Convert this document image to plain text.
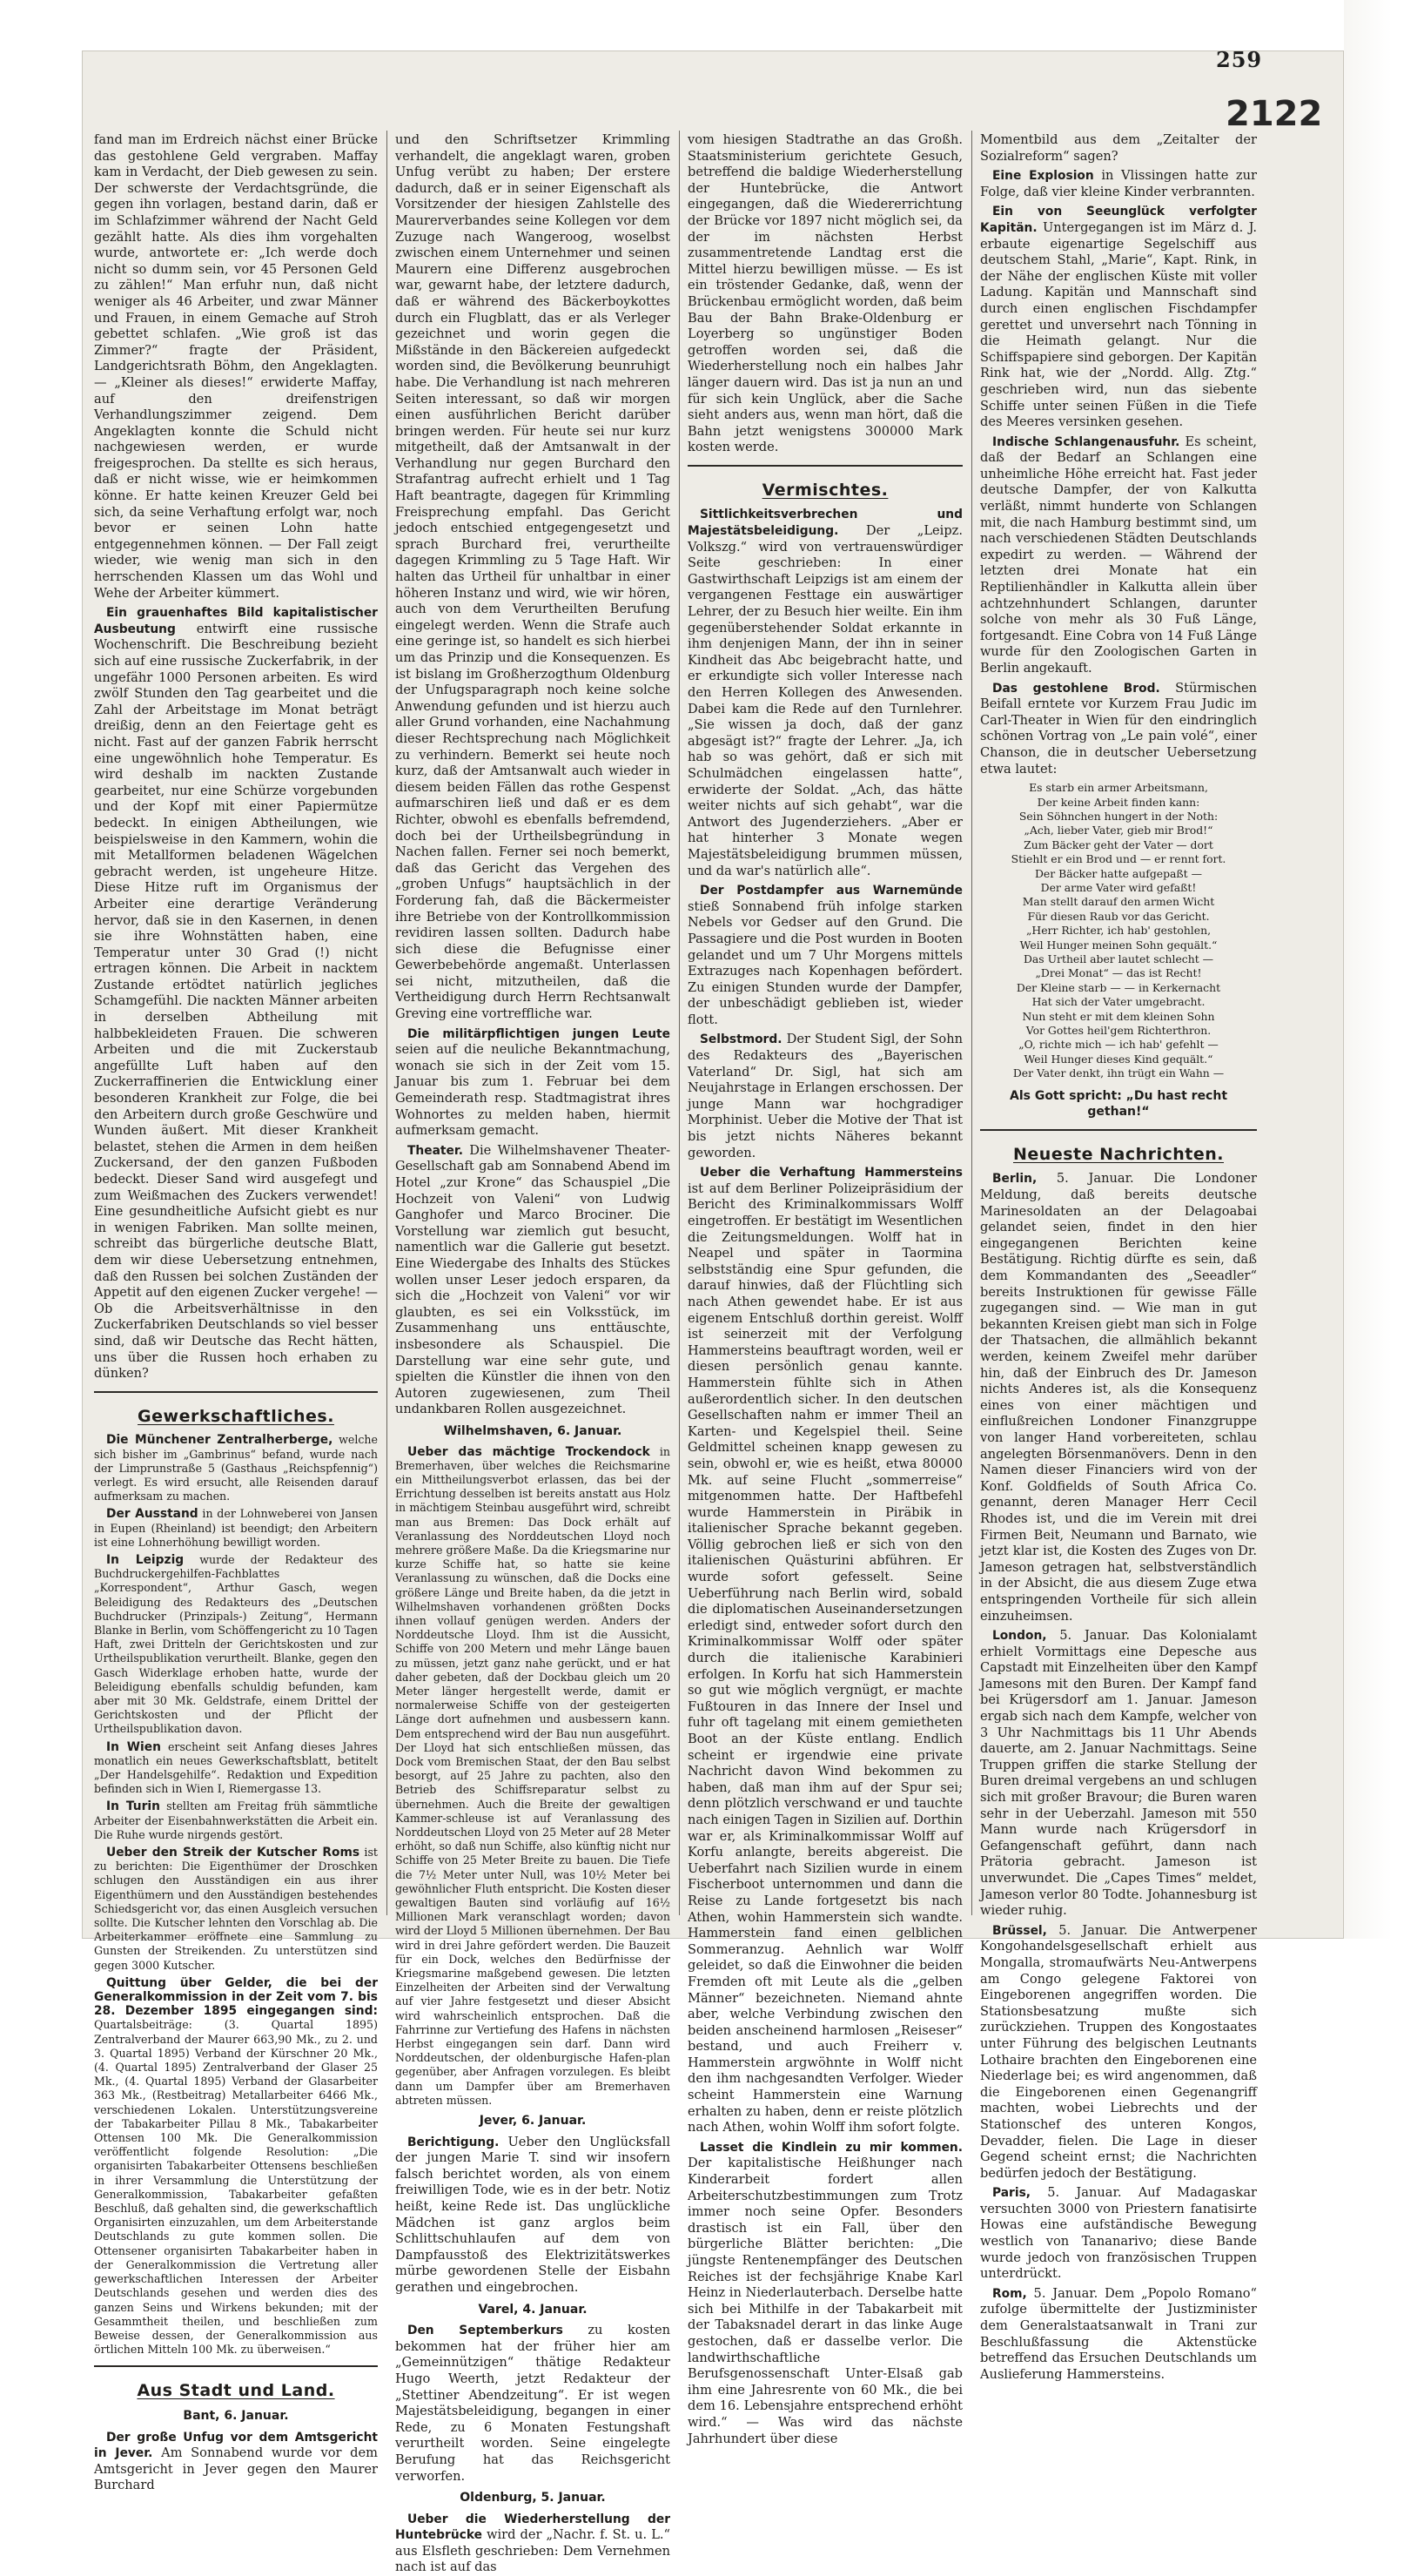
259
2122

fand man im Erdreich nächst einer Brücke das gestohlene Geld vergraben. Maffay kam in Verdacht, der Dieb gewesen zu sein. Der schwerste der Verdachtsgründe, die gegen ihn vorlagen, bestand darin, daß er im Schlafzimmer während der Nacht Geld gezählt hatte. Als dies ihm vorgehalten wurde, antwortete er: „Ich werde doch nicht so dumm sein, vor 45 Personen Geld zu zählen!“ Man erfuhr nun, daß nicht weniger als 46 Arbeiter, und zwar Männer und Frauen, in einem Gemache auf Stroh gebettet schlafen. „Wie groß ist das Zimmer?“ fragte der Präsident, Landgerichtsrath Böhm, den Angeklagten. — „Kleiner als dieses!“ erwiderte Maffay, auf den dreifenstrigen Verhandlungszimmer zeigend. Dem Angeklagten konnte die Schuld nicht nachgewiesen werden, er wurde freigesprochen. Da stellte es sich heraus, daß er nicht wisse, wie er heimkommen könne. Er hatte keinen Kreuzer Geld bei sich, da seine Verhaftung erfolgt war, noch bevor er seinen Lohn hatte entgegennehmen können. — Der Fall zeigt wieder, wie wenig man sich in den herrschenden Klassen um das Wohl und Wehe der Arbeiter kümmert.

Ein grauenhaftes Bild kapitalistischer Ausbeutung entwirft eine russische Wochenschrift. Die Beschreibung bezieht sich auf eine russische Zuckerfabrik, in der ungefähr 1000 Personen arbeiten. Es wird zwölf Stunden den Tag gearbeitet und die Zahl der Arbeitstage im Monat beträgt dreißig, denn an den Feiertage geht es nicht. Fast auf der ganzen Fabrik herrscht eine ungewöhnlich hohe Temperatur. Es wird deshalb im nackten Zustande gearbeitet, nur eine Schürze vorgebunden und der Kopf mit einer Papiermütze bedeckt. In einigen Abtheilungen, wie beispielsweise in den Kammern, wohin die mit Metallformen beladenen Wägelchen gebracht werden, ist ungeheure Hitze. Diese Hitze ruft im Organismus der Arbeiter eine derartige Veränderung hervor, daß sie in den Kasernen, in denen sie ihre Wohnstätten haben, eine Temperatur unter 30 Grad (!) nicht ertragen können. Die Arbeit in nacktem Zustande ertödtet natürlich jegliches Schamgefühl. Die nackten Männer arbeiten in derselben Abtheilung mit halbbekleideten Frauen. Die schweren Arbeiten und die mit Zuckerstaub angefüllte Luft haben auf den Zuckerraffinerien die Entwicklung einer besonderen Krankheit zur Folge, die bei den Arbeitern durch große Geschwüre und Wunden äußert. Mit dieser Krankheit belastet, stehen die Armen in dem heißen Zuckersand, der den ganzen Fußboden bedeckt. Dieser Sand wird ausgefegt und zum Weißmachen des Zuckers verwendet! Eine gesundheitliche Aufsicht giebt es nur in wenigen Fabriken. Man sollte meinen, schreibt das bürgerliche deutsche Blatt, dem wir diese Uebersetzung entnehmen, daß den Russen bei solchen Zuständen der Appetit auf den eigenen Zucker vergehe! — Ob die Arbeitsverhältnisse in den Zuckerfabriken Deutschlands so viel besser sind, daß wir Deutsche das Recht hätten, uns über die Russen hoch erhaben zu dünken?

Gewerkschaftliches.

Die Münchener Zentralherberge, welche sich bisher im „Gambrinus“ befand, wurde nach der Limprunstraße 5 (Gasthaus „Reichspfennig“) verlegt. Es wird ersucht, alle Reisenden darauf aufmerksam zu machen.

Der Ausstand in der Lohnweberei von Jansen in Eupen (Rheinland) ist beendigt; den Arbeitern ist eine Lohnerhöhung bewilligt worden.

In Leipzig wurde der Redakteur des Buchdruckergehilfen-Fachblattes „Korrespondent“, Arthur Gasch, wegen Beleidigung des Redakteurs des „Deutschen Buchdrucker (Prinzipals-) Zeitung“, Hermann Blanke in Berlin, vom Schöffengericht zu 10 Tagen Haft, zwei Dritteln der Gerichtskosten und zur Urtheilspublikation verurtheilt. Blanke, gegen den Gasch Widerklage erhoben hatte, wurde der Beleidigung ebenfalls schuldig befunden, kam aber mit 30 Mk. Geldstrafe, einem Drittel der Gerichtskosten und der Pflicht der Urtheilspublikation davon.

In Wien erscheint seit Anfang dieses Jahres monatlich ein neues Gewerkschaftsblatt, betitelt „Der Handelsgehilfe“. Redaktion und Expedition befinden sich in Wien I, Riemergasse 13.

In Turin stellten am Freitag früh sämmtliche Arbeiter der Eisenbahnwerkstätten die Arbeit ein. Die Ruhe wurde nirgends gestört.

Ueber den Streik der Kutscher Roms ist zu berichten: Die Eigenthümer der Droschken schlugen den Ausständigen ein aus ihrer Eigenthümern und den Ausständigen bestehendes Schiedsgericht vor, das einen Ausgleich versuchen sollte. Die Kutscher lehnten den Vorschlag ab. Die Arbeiterkammer eröffnete eine Sammlung zu Gunsten der Streikenden. Zu unterstützen sind gegen 3000 Kutscher.

Quittung über Gelder, die bei der Generalkommission in der Zeit vom 7. bis 28. Dezember 1895 eingegangen sind: Quartalsbeiträge: (3. Quartal 1895) Zentralverband der Maurer 663,90 Mk., zu 2. und 3. Quartal 1895) Verband der Kürschner 20 Mk., (4. Quartal 1895) Zentralverband der Glaser 25 Mk., (4. Quartal 1895) Verband der Glasarbeiter 363 Mk., (Restbeitrag) Metallarbeiter 6466 Mk., verschiedenen Lokalen. Unterstützungsvereine der Tabakarbeiter Pillau 8 Mk., Tabakarbeiter Ottensen 100 Mk. Die Generalkommission veröffentlicht folgende Resolution: „Die organisirten Tabakarbeiter Ottensens beschließen in ihrer Versammlung die Unterstützung der Generalkommission, Tabakarbeiter gefaßten Beschluß, daß gehalten sind, die gewerkschaftlich Organisirten einzuzahlen, um dem Arbeiterstande Deutschlands zu gute kommen sollen. Die Ottensener organisirten Tabakarbeiter haben in der Generalkommission die Vertretung aller gewerkschaftlichen Interessen der Arbeiter Deutschlands gesehen und werden dies des ganzen Seins und Wirkens bekunden; mit der Gesammtheit theilen, und beschließen zum Beweise dessen, der Generalkommission aus örtlichen Mitteln 100 Mk. zu überweisen.“

Aus Stadt und Land.
Bant, 6. Januar.

Der große Unfug vor dem Amtsgericht in Jever. Am Sonnabend wurde vor dem Amtsgericht in Jever gegen den Maurer Burchard

und den Schriftsetzer Krimmling verhandelt, die angeklagt waren, groben Unfug verübt zu haben; Der erstere dadurch, daß er in seiner Eigenschaft als Vorsitzender der hiesigen Zahlstelle des Maurerverbandes seine Kollegen vor dem Zuzuge nach Wangeroog, woselbst zwischen einem Unternehmer und seinen Maurern eine Differenz ausgebrochen war, gewarnt habe, der letztere dadurch, daß er während des Bäckerboykottes durch ein Flugblatt, das er als Verleger gezeichnet und worin gegen die Mißstände in den Bäckereien aufgedeckt worden sind, die Bevölkerung beunruhigt habe. Die Verhandlung ist nach mehreren Seiten interessant, so daß wir morgen einen ausführlichen Bericht darüber bringen werden. Für heute sei nur kurz mitgetheilt, daß der Amtsanwalt in der Verhandlung nur gegen Burchard den Strafantrag aufrecht erhielt und 1 Tag Haft beantragte, dagegen für Krimmling Freisprechung empfahl. Das Gericht jedoch entschied entgegengesetzt und sprach Burchard frei, verurtheilte dagegen Krimmling zu 5 Tage Haft. Wir halten das Urtheil für unhaltbar in einer höheren Instanz und wird, wie wir hören, auch von dem Verurtheilten Berufung eingelegt werden. Wenn die Strafe auch eine geringe ist, so handelt es sich hierbei um das Prinzip und die Konsequenzen. Es ist bislang im Großherzogthum Oldenburg der Unfugsparagraph noch keine solche Anwendung gefunden und ist hierzu auch aller Grund vorhanden, eine Nachahmung dieser Rechtsprechung nach Möglichkeit zu verhindern. Bemerkt sei heute noch kurz, daß der Amtsanwalt auch wieder in diesem beiden Fällen das rothe Gespenst aufmarschiren ließ und daß er es dem Richter, obwohl es ebenfalls befremdend, doch bei der Urtheilsbegründung in Nachen fallen. Ferner sei noch bemerkt, daß das Gericht das Vergehen des „groben Unfugs“ hauptsächlich in der Forderung fah, daß die Bäckermeister ihre Betriebe von der Kontrollkommission revidiren lassen sollten. Dadurch habe sich diese die Befugnisse einer Gewerbebehörde angemaßt. Unterlassen sei nicht, mitzutheilen, daß die Vertheidigung durch Herrn Rechtsanwalt Greving eine vortreffliche war.

Die militärpflichtigen jungen Leute seien auf die neuliche Bekanntmachung, wonach sie sich in der Zeit vom 15. Januar bis zum 1. Februar bei dem Gemeinderath resp. Stadtmagistrat ihres Wohnortes zu melden haben, hiermit aufmerksam gemacht.

Theater. Die Wilhelmshavener Theater-Gesellschaft gab am Sonnabend Abend im Hotel „zur Krone“ das Schauspiel „Die Hochzeit von Valeni“ von Ludwig Ganghofer und Marco Brociner. Die Vorstellung war ziemlich gut besucht, namentlich war die Gallerie gut besetzt. Eine Wiedergabe des Inhalts des Stückes wollen unser Leser jedoch ersparen, da sich die „Hochzeit von Valeni“ vor wir glaubten, es sei ein Volksstück, im Zusammenhang uns enttäuschte, insbesondere als Schauspiel. Die Darstellung war eine sehr gute, und spielten die Künstler die ihnen von den Autoren zugewiesenen, zum Theil undankbaren Rollen ausgezeichnet.

Wilhelmshaven, 6. Januar.

Ueber das mächtige Trockendock in Bremerhaven, über welches die Reichsmarine ein Mittheilungsverbot erlassen, das bei der Errichtung desselben ist bereits anstatt aus Holz in mächtigem Steinbau ausgeführt wird, schreibt man aus Bremen: Das Dock erhält auf Veranlassung des Norddeutschen Lloyd noch mehrere größere Maße. Da die Kriegsmarine nur kurze Schiffe hat, so hatte sie keine Veranlassung zu wünschen, daß die Docks eine größere Länge und Breite haben, da die jetzt in Wilhelmshaven vorhandenen größten Docks ihnen vollauf genügen werden. Anders der Norddeutsche Lloyd. Ihm ist die Aussicht, Schiffe von 200 Metern und mehr Länge bauen zu müssen, jetzt ganz nahe gerückt, und er hat daher gebeten, daß der Dockbau gleich um 20 Meter länger hergestellt werde, damit er normalerweise Schiffe von der gesteigerten Länge dort aufnehmen und ausbessern kann. Dem entsprechend wird der Bau nun ausgeführt. Der Lloyd hat sich entschließen müssen, das Dock vom Bremischen Staat, der den Bau selbst besorgt, auf 25 Jahre zu pachten, also den Betrieb des Schiffsreparatur selbst zu übernehmen. Auch die Breite der gewaltigen Kammer-schleuse ist auf Veranlassung des Norddeutschen Lloyd von 25 Meter auf 28 Meter erhöht, so daß nun Schiffe, also künftig nicht nur Schiffe von 25 Meter Breite zu bauen. Die Tiefe die 7½ Meter unter Null, was 10½ Meter bei gewöhnlicher Fluth entspricht. Die Kosten dieser gewaltigen Bauten sind vorläufig auf 16½ Millionen Mark veranschlagt worden; davon wird der Lloyd 5 Millionen übernehmen. Der Bau wird in drei Jahre gefördert werden. Die Bauzeit für ein Dock, welches den Bedürfnisse der Kriegsmarine maßgebend gewesen. Die letzten Einzelheiten der Arbeiten sind der Verwaltung auf vier Jahre festgesetzt und dieser Absicht wird wahrscheinlich entsprochen. Daß die Fahrrinne zur Vertiefung des Hafens in nächsten Herbst eingegangen sein darf. Dann wird Norddeutschen, der oldenburgische Hafen-plan gegenüber, aber Anfragen vorzulegen. Es bleibt dann um Dampfer über am Bremerhaven abtreten müssen.

Jever, 6. Januar.

Berichtigung. Ueber den Unglücksfall der jungen Marie T. sind wir insofern falsch berichtet worden, als von einem freiwilligen Tode, wie es in der betr. Notiz heißt, keine Rede ist. Das unglückliche Mädchen ist ganz arglos beim Schlittschuhlaufen auf dem von Dampfausstoß des Elektrizitätswerkes mürbe gewordenen Stelle der Eisbahn gerathen und eingebrochen.

Varel, 4. Januar.

Den Septemberkurs zu kosten bekommen hat der früher hier am „Gemeinnützigen“ thätige Redakteur Hugo Weerth, jetzt Redakteur der „Stettiner Abendzeitung“. Er ist wegen Majestätsbeleidigung, begangen in einer Rede, zu 6 Monaten Festungshaft verurtheilt worden. Seine eingelegte Berufung hat das Reichsgericht verworfen.

Oldenburg, 5. Januar.

Ueber die Wiederherstellung der Huntebrücke wird der „Nachr. f. St. u. L.“ aus Elsfleth geschrieben: Dem Vernehmen nach ist auf das

vom hiesigen Stadtrathe an das Großh. Staatsministerium gerichtete Gesuch, betreffend die baldige Wiederherstellung der Huntebrücke, die Antwort eingegangen, daß die Wiedererrichtung der Brücke vor 1897 nicht möglich sei, da der im nächsten Herbst zusammentretende Landtag erst die Mittel hierzu bewilligen müsse. — Es ist ein tröstender Gedanke, daß, wenn der Brückenbau ermöglicht worden, daß beim Bau der Bahn Brake-Oldenburg er Loyerberg so ungünstiger Boden getroffen worden sei, daß die Wiederherstellung noch ein halbes Jahr länger dauern wird. Das ist ja nun an und für sich kein Unglück, aber die Sache sieht anders aus, wenn man hört, daß die Bahn jetzt wenigstens 300000 Mark kosten werde.

Vermischtes.

Sittlichkeitsverbrechen und Majestätsbeleidigung. Der „Leipz. Volkszg.“ wird von vertrauenswürdiger Seite geschrieben: In einer Gastwirthschaft Leipzigs ist am einem der vergangenen Festtage ein auswärtiger Lehrer, der zu Besuch hier weilte. Ein ihm gegenüberstehender Soldat erkannte in ihm denjenigen Mann, der ihn in seiner Kindheit das Abc beigebracht hatte, und er erkundigte sich voller Interesse nach den Herren Kollegen des Anwesenden. Dabei kam die Rede auf den Turnlehrer. „Sie wissen ja doch, daß der ganz abgesägt ist?“ fragte der Lehrer. „Ja, ich hab so was gehört, daß er sich mit Schulmädchen eingelassen hatte“, erwiderte der Soldat. „Ach, das hätte weiter nichts auf sich gehabt“, war die Antwort des Jugenderziehers. „Aber er hat hinterher 3 Monate wegen Majestätsbeleidigung brummen müssen, und da war's natürlich alle“.

Der Postdampfer aus Warnemünde stieß Sonnabend früh infolge starken Nebels vor Gedser auf den Grund. Die Passagiere und die Post wurden in Booten gelandet und um 7 Uhr Morgens mittels Extrazuges nach Kopenhagen befördert. Zu einigen Stunden wurde der Dampfer, der unbeschädigt geblieben ist, wieder flott.

Selbstmord. Der Student Sigl, der Sohn des Redakteurs des „Bayerischen Vaterland“ Dr. Sigl, hat sich am Neujahrstage in Erlangen erschossen. Der junge Mann war hochgradiger Morphinist. Ueber die Motive der That ist bis jetzt nichts Näheres bekannt geworden.

Ueber die Verhaftung Hammersteins ist auf dem Berliner Polizeipräsidium der Bericht des Kriminalkommissars Wolff eingetroffen. Er bestätigt im Wesentlichen die Zeitungsmeldungen. Wolff hat in Neapel und später in Taormina selbstständig eine Spur gefunden, die darauf hinwies, daß der Flüchtling sich nach Athen gewendet habe. Er ist aus eigenem Entschluß dorthin gereist. Wolff ist seinerzeit mit der Verfolgung Hammersteins beauftragt worden, weil er diesen persönlich genau kannte. Hammerstein fühlte sich in Athen außerordentlich sicher. In den deutschen Gesellschaften nahm er immer Theil an Karten- und Kegelspiel theil. Seine Geldmittel scheinen knapp gewesen zu sein, obwohl er, wie es heißt, etwa 80000 Mk. auf seine Flucht „sommerreise“ mitgenommen hatte. Der Haftbefehl wurde Hammerstein in Piräbik in italienischer Sprache bekannt gegeben. Völlig gebrochen ließ er sich von den italienischen Quästurini abführen. Er wurde sofort gefesselt. Seine Ueberführung nach Berlin wird, sobald die diplomatischen Auseinandersetzungen erledigt sind, entweder sofort durch den Kriminalkommissar Wolff oder später durch die italienische Karabinieri erfolgen. In Korfu hat sich Hammerstein so gut wie möglich vergnügt, er machte Fußtouren in das Innere der Insel und fuhr oft tagelang mit einem gemietheten Boot an der Küste entlang. Endlich scheint er irgendwie eine private Nachricht davon Wind bekommen zu haben, daß man ihm auf der Spur sei; denn plötzlich verschwand er und tauchte nach einigen Tagen in Sizilien auf. Dorthin war er, als Kriminalkommissar Wolff auf Korfu anlangte, bereits abgereist. Die Ueberfahrt nach Sizilien wurde in einem Fischerboot unternommen und dann die Reise zu Lande fortgesetzt bis nach Athen, wohin Hammerstein sich wandte. Hammerstein fand einen gelblichen Sommeranzug. Aehnlich war Wolff geleidet, so daß die Einwohner die beiden Fremden oft mit Leute als die „gelben Männer“ bezeichneten. Niemand ahnte aber, welche Verbindung zwischen den beiden anscheinend harmlosen „Reiseser“ bestand, und auch Freiherr v. Hammerstein argwöhnte in Wolff nicht den ihm nachgesandten Verfolger. Wieder scheint Hammerstein eine Warnung erhalten zu haben, denn er reiste plötzlich nach Athen, wohin Wolff ihm sofort folgte.

Lasset die Kindlein zu mir kommen. Der kapitalistische Heißhunger nach Kinderarbeit fordert allen Arbeiterschutzbestimmungen zum Trotz immer noch seine Opfer. Besonders drastisch ist ein Fall, über den bürgerliche Blätter berichten: „Die jüngste Rentenempfänger des Deutschen Reiches ist der fechsjährige Knabe Karl Heinz in Niederlauterbach. Derselbe hatte sich bei Mithilfe in der Tabakarbeit mit der Tabaksnadel derart in das linke Auge gestochen, daß er dasselbe verlor. Die landwirthschaftliche Berufsgenossenschaft Unter-Elsaß gab ihm eine Jahresrente von 60 Mk., die bei dem 16. Lebensjahre entsprechend erhöht wird.“ — Was wird das nächste Jahrhundert über diese

Momentbild aus dem „Zeitalter der Sozialreform“ sagen?

Eine Explosion in Vlissingen hatte zur Folge, daß vier kleine Kinder verbrannten.

Ein von Seeunglück verfolgter Kapitän. Untergegangen ist im März d. J. erbaute eigenartige Segelschiff aus deutschem Stahl, „Marie“, Kapt. Rink, in der Nähe der englischen Küste mit voller Ladung. Kapitän und Mannschaft sind durch einen englischen Fischdampfer gerettet und unversehrt nach Tönning in die Heimath gelangt. Nur die Schiffspapiere sind geborgen. Der Kapitän Rink hat, wie der „Nordd. Allg. Ztg.“ geschrieben wird, nun das siebente Schiffe unter seinen Füßen in die Tiefe des Meeres versinken gesehen.

Indische Schlangenausfuhr. Es scheint, daß der Bedarf an Schlangen eine unheimliche Höhe erreicht hat. Fast jeder deutsche Dampfer, der von Kalkutta verläßt, nimmt hunderte von Schlangen mit, die nach Hamburg bestimmt sind, um nach verschiedenen Städten Deutschlands expedirt zu werden. — Während der letzten drei Monate hat ein Reptilienhändler in Kalkutta allein über achtzehnhundert Schlangen, darunter solche von mehr als 30 Fuß Länge, fortgesandt. Eine Cobra von 14 Fuß Länge wurde für den Zoologischen Garten in Berlin angekauft.

Das gestohlene Brod. Stürmischen Beifall erntete vor Kurzem Frau Judic im Carl-Theater in Wien für den eindringlich schönen Vortrag von „Le pain volé“, einer Chanson, die in deutscher Uebersetzung etwa lautet:

Es starb ein armer Arbeitsmann,
Der keine Arbeit finden kann:
Sein Söhnchen hungert in der Noth:
„Ach, lieber Vater, gieb mir Brod!“
Zum Bäcker geht der Vater — dort
Stiehlt er ein Brod und — er rennt fort.
Der Bäcker hatte aufgepaßt —
Der arme Vater wird gefaßt!
Man stellt darauf den armen Wicht
Für diesen Raub vor das Gericht.
„Herr Richter, ich hab' gestohlen,
Weil Hunger meinen Sohn gequält.“
Das Urtheil aber lautet schlecht —
„Drei Monat“ — das ist Recht!
Der Kleine starb — — in Kerkernacht
Hat sich der Vater umgebracht.
Nun steht er mit dem kleinen Sohn
Vor Gottes heil'gem Richterthron.
„O, richte mich — ich hab' gefehlt —
Weil Hunger dieses Kind gequält.“
Der Vater denkt, ihn trügt ein Wahn —
Als Gott spricht: „Du hast recht gethan!“
Neueste Nachrichten.

Berlin, 5. Januar. Die Londoner Meldung, daß bereits deutsche Marinesoldaten an der Delagoabai gelandet seien, findet in den hier eingegangenen Berichten keine Bestätigung. Richtig dürfte es sein, daß dem Kommandanten des „Seeadler“ bereits Instruktionen für gewisse Fälle zugegangen sind. — Wie man in gut bekannten Kreisen giebt man sich in Folge der Thatsachen, die allmählich bekannt werden, keinem Zweifel mehr darüber hin, daß der Einbruch des Dr. Jameson nichts Anderes ist, als die Konsequenz eines von einer mächtigen und einflußreichen Londoner Finanzgruppe von langer Hand vorbereiteten, schlau angelegten Börsenmanövers. Denn in den Namen dieser Financiers wird von der Konf. Goldfields of South Africa Co. genannt, deren Manager Herr Cecil Rhodes ist, und die im Verein mit drei Firmen Beit, Neumann und Barnato, wie jetzt klar ist, die Kosten des Zuges von Dr. Jameson getragen hat, selbstverständlich in der Absicht, die aus diesem Zuge etwa entspringenden Vortheile für sich allein einzuheimsen.

London, 5. Januar. Das Kolonialamt erhielt Vormittags eine Depesche aus Capstadt mit Einzelheiten über den Kampf Jamesons mit den Buren. Der Kampf fand bei Krügersdorf am 1. Januar. Jameson ergab sich nach dem Kampfe, welcher von 3 Uhr Nachmittags bis 11 Uhr Abends dauerte, am 2. Januar Nachmittags. Seine Truppen griffen die starke Stellung der Buren dreimal vergebens an und schlugen sich mit großer Bravour; die Buren waren sehr in der Ueberzahl. Jameson mit 550 Mann wurde nach Krügersdorf in Gefangenschaft geführt, dann nach Prätoria gebracht. Jameson ist unverwundet. Die „Capes Times“ meldet, Jameson verlor 80 Todte. Johannesburg ist wieder ruhig.

Brüssel, 5. Januar. Die Antwerpener Kongohandelsgesellschaft erhielt aus Mongalla, stromaufwärts Neu-Antwerpens am Congo gelegene Faktorei von Eingeborenen angegriffen worden. Die Stationsbesatzung mußte sich zurückziehen. Truppen des Kongostaates unter Führung des belgischen Leutnants Lothaire brachten den Eingeborenen eine Niederlage bei; es wird angenommen, daß die Eingeborenen einen Gegenangriff machten, wobei Liebrechts und der Stationschef des unteren Kongos, Devadder, fielen. Die Lage in dieser Gegend scheint ernst; die Nachrichten bedürfen jedoch der Bestätigung.

Paris, 5. Januar. Auf Madagaskar versuchten 3000 von Priestern fanatisirte Howas eine aufständische Bewegung westlich von Tananarivo; diese Bande wurde jedoch von französischen Truppen unterdrückt.

Rom, 5. Januar. Dem „Popolo Romano“ zufolge übermittelte der Justizminister dem Generalstaatsanwalt in Trani zur Beschlußfassung die Aktenstücke betreffend das Ersuchen Deutschlands um Auslieferung Hammersteins.
